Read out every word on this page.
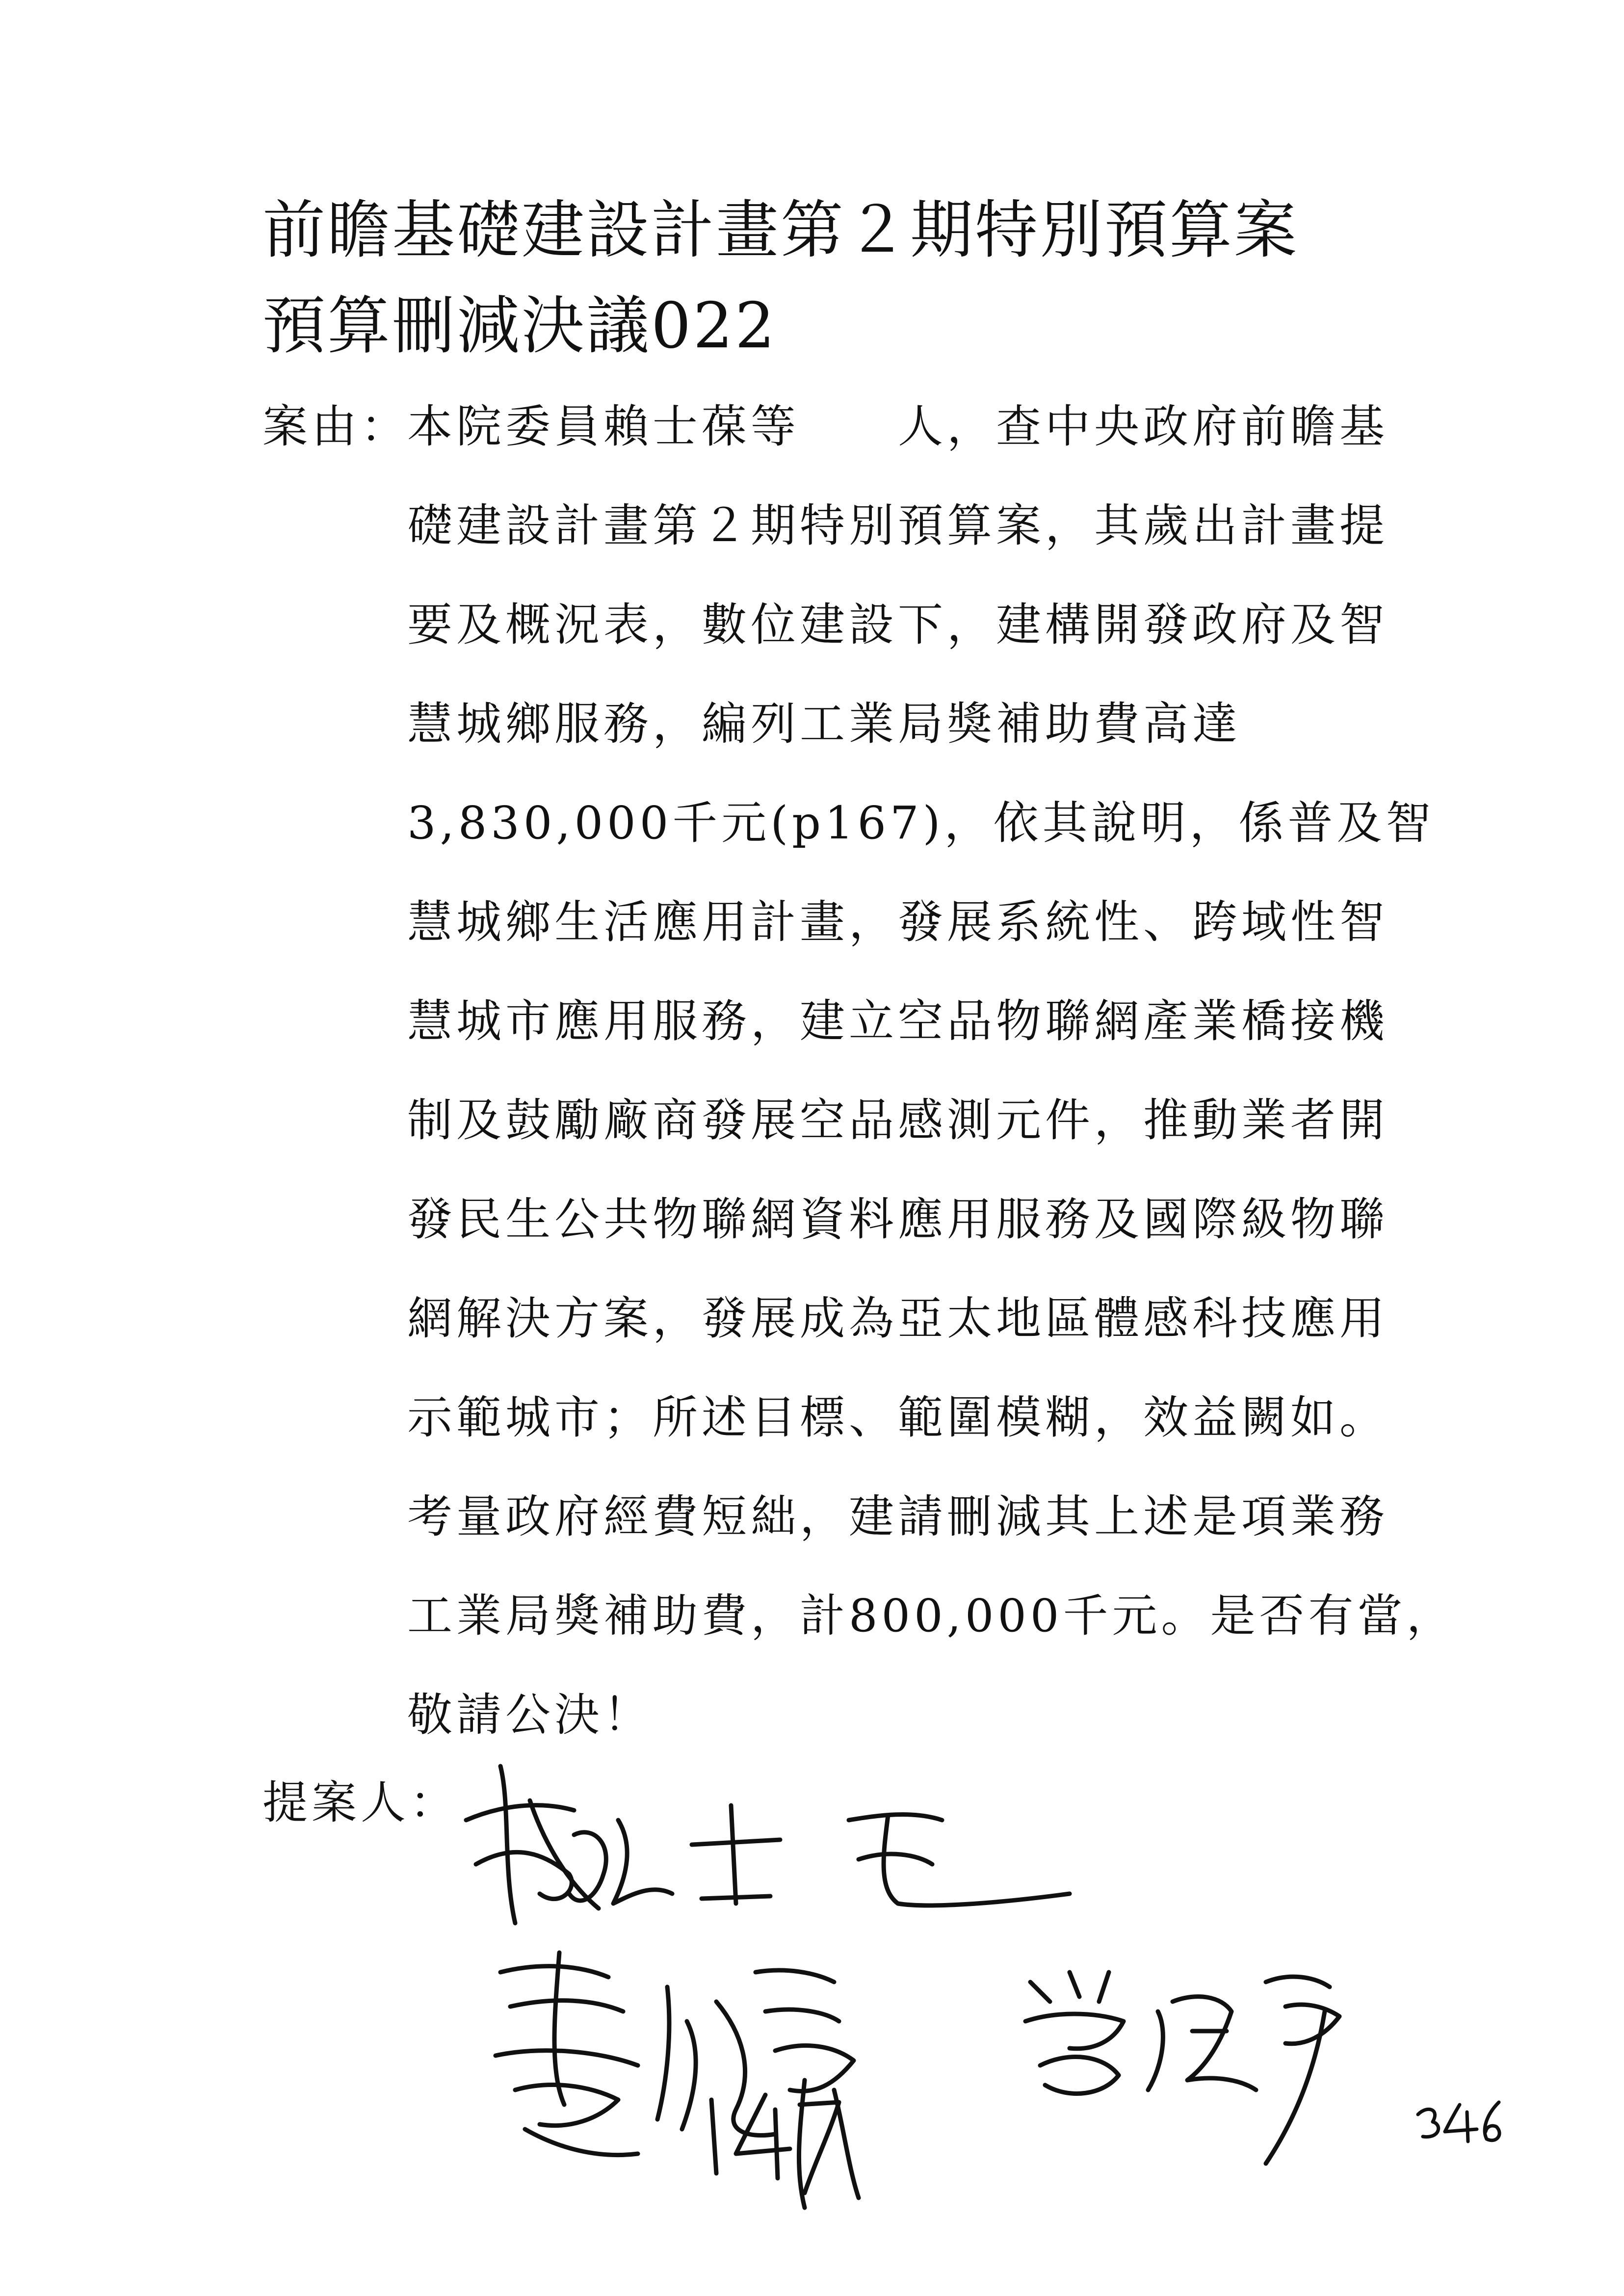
前瞻基礎建設計畫第２期特別預算案
預算刪減決議022
案由：
本院委員賴士葆等　　人，查中央政府前瞻基
礎建設計畫第２期特別預算案，其歲出計畫提
要及概況表，數位建設下，建構開發政府及智
慧城鄉服務，編列工業局獎補助費高達
3,830,000千元(p167)，依其說明，係普及智
慧城鄉生活應用計畫，發展系統性、跨域性智
慧城市應用服務，建立空品物聯網產業橋接機
制及鼓勵廠商發展空品感測元件，推動業者開
發民生公共物聯網資料應用服務及國際級物聯
網解決方案，發展成為亞太地區體感科技應用
示範城市；所述目標、範圍模糊，效益闕如。
考量政府經費短絀，建請刪減其上述是項業務
工業局獎補助費，計800,000千元。是否有當，
敬請公決！
提案人：
